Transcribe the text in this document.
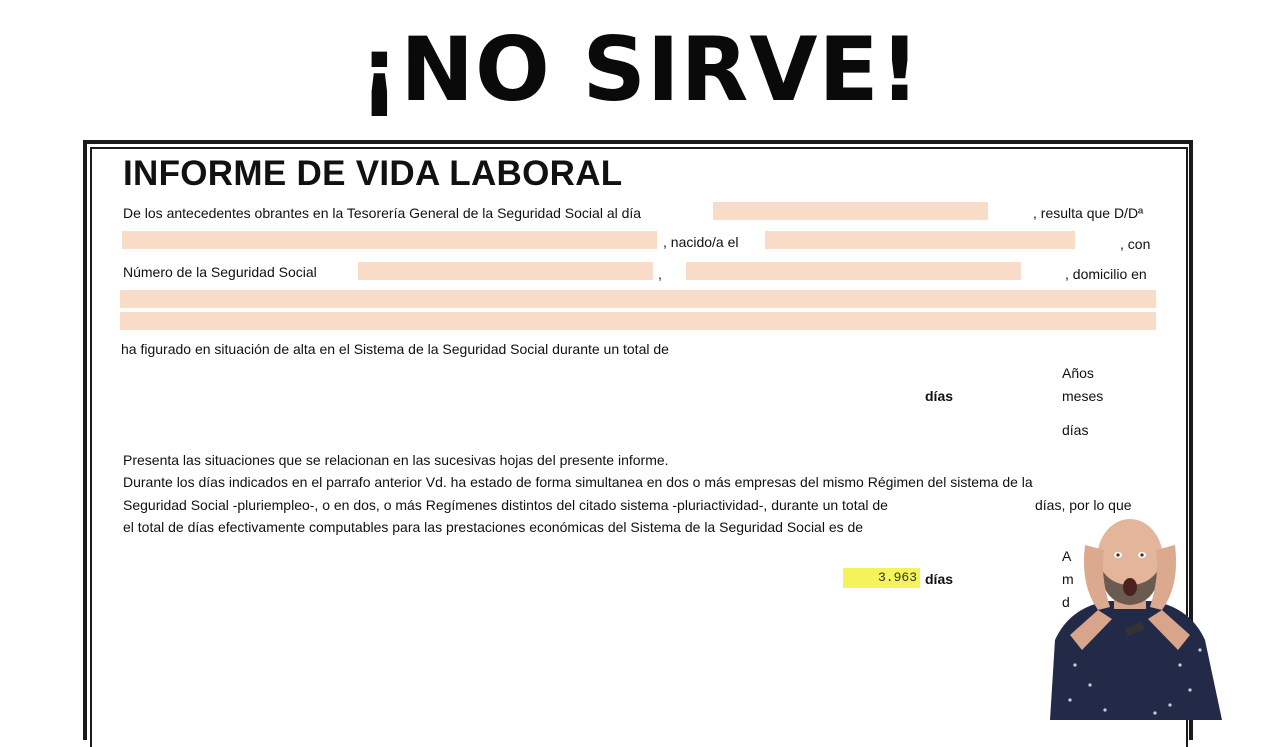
¡NO SIRVE!
INFORME DE VIDA LABORAL
De los antecedentes obrantes en la Tesorería General de la Seguridad Social al día	, resulta que D/Dª
, nacido/a el	, con
Número de la Seguridad Social	,	, domicilio en
ha figurado en situación de alta en el Sistema de la Seguridad Social durante un total de
Años
días	meses
días
Presenta las situaciones que se relacionan en las sucesivas hojas del presente informe.
Durante los días indicados en el parrafo anterior Vd. ha estado de forma simultanea en dos o más empresas del mismo Régimen del sistema de la
Seguridad Social -pluriempleo-, o en dos, o más Regímenes distintos del citado sistema -pluriactividad-, durante un total de	días, por lo que
el total de días efectivamente computables para las prestaciones económicas del Sistema de la Seguridad Social es de
3.963 días
A
m
d
